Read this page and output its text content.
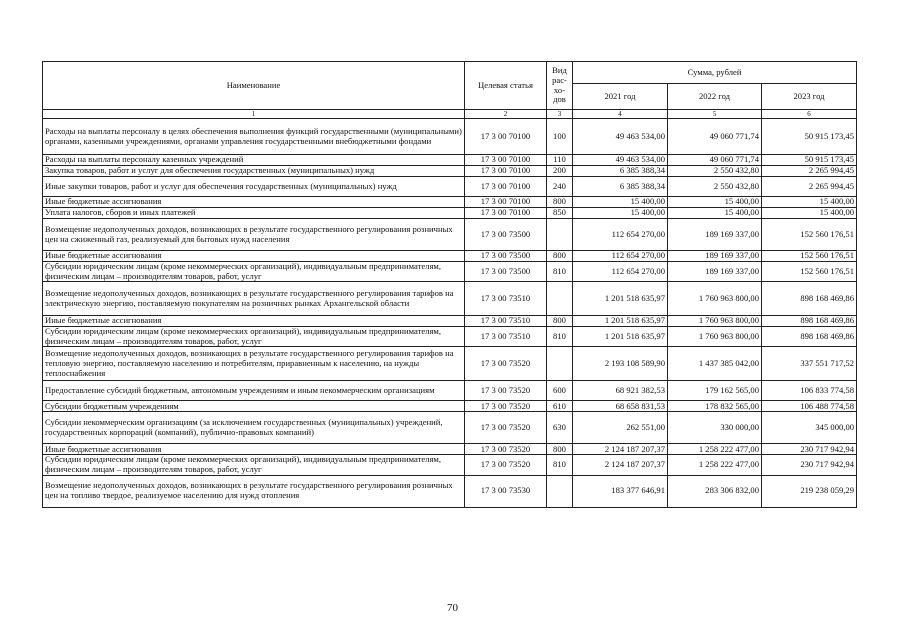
Наименование	Целевая статья	Вид рас-хо-дов	Сумма, рублей		
			2021 год	2022 год	2023 год
1	2	3	4	5	6
Расходы на выплаты персоналу в целях обеспечения выполнения функций государственными (муниципальными) органами, казенными учреждениями, органами управления государственными внебюджетными фондами	17 3 00 70100	100	49 463 534,00	49 060 771,74	50 915 173,45
Расходы на выплаты персоналу казенных учреждений	17 3 00 70100	110	49 463 534,00	49 060 771,74	50 915 173,45
Закупка товаров, работ и услуг для обеспечения государственных (муниципальных) нужд	17 3 00 70100	200	6 385 388,34	2 550 432,80	2 265 994,45
Иные закупки товаров, работ и услуг для обеспечения государственных (муниципальных) нужд	17 3 00 70100	240	6 385 388,34	2 550 432,80	2 265 994,45
Иные бюджетные ассигнования	17 3 00 70100	800	15 400,00	15 400,00	15 400,00
Уплата налогов, сборов и иных платежей	17 3 00 70100	850	15 400,00	15 400,00	15 400,00
Возмещение недополученных доходов, возникающих в результате государственного регулирования розничных цен на сжиженный газ, реализуемый для бытовых нужд населения	17 3 00 73500		112 654 270,00	189 169 337,00	152 560 176,51
Иные бюджетные ассигнования	17 3 00 73500	800	112 654 270,00	189 169 337,00	152 560 176,51
Субсидии юридическим лицам (кроме некоммерческих организаций), индивидуальным предпринимателям, физическим лицам – производителям товаров, работ, услуг	17 3 00 73500	810	112 654 270,00	189 169 337,00	152 560 176,51
Возмещение недополученных доходов, возникающих в результате государственного регулирования тарифов на электрическую энергию, поставляемую покупателям на розничных рынках Архангельской области	17 3 00 73510		1 201 518 635,97	1 760 963 800,00	898 168 469,86
Иные бюджетные ассигнования	17 3 00 73510	800	1 201 518 635,97	1 760 963 800,00	898 168 469,86
Субсидии юридическим лицам (кроме некоммерческих организаций), индивидуальным предпринимателям, физическим лицам – производителям товаров, работ, услуг	17 3 00 73510	810	1 201 518 635,97	1 760 963 800,00	898 168 469,86
Возмещение недополученных доходов, возникающих в результате государственного регулирования тарифов на тепловую энергию, поставляемую населению и потребителям, приравненным к населению, на нужды теплоснабжения	17 3 00 73520		2 193 108 589,90	1 437 385 042,00	337 551 717,52
Предоставление субсидий бюджетным, автономным учреждениям и иным некоммерческим организациям	17 3 00 73520	600	68 921 382,53	179 162 565,00	106 833 774,58
Субсидии бюджетным учреждениям	17 3 00 73520	610	68 658 831,53	178 832 565,00	106 488 774,58
Субсидии некоммерческим организациям (за исключением государственных (муниципальных) учреждений, государственных корпораций (компаний), публично-правовых компаний)	17 3 00 73520	630	262 551,00	330 000,00	345 000,00
Иные бюджетные ассигнования	17 3 00 73520	800	2 124 187 207,37	1 258 222 477,00	230 717 942,94
Субсидии юридическим лицам (кроме некоммерческих организаций), индивидуальным предпринимателям, физическим лицам – производителям товаров, работ, услуг	17 3 00 73520	810	2 124 187 207,37	1 258 222 477,00	230 717 942,94
Возмещение недополученных доходов, возникающих в результате государственного регулирования розничных цен на топливо твердое, реализуемое населению для нужд отопления	17 3 00 73530		183 377 646,91	283 306 832,00	219 238 059,29
70
